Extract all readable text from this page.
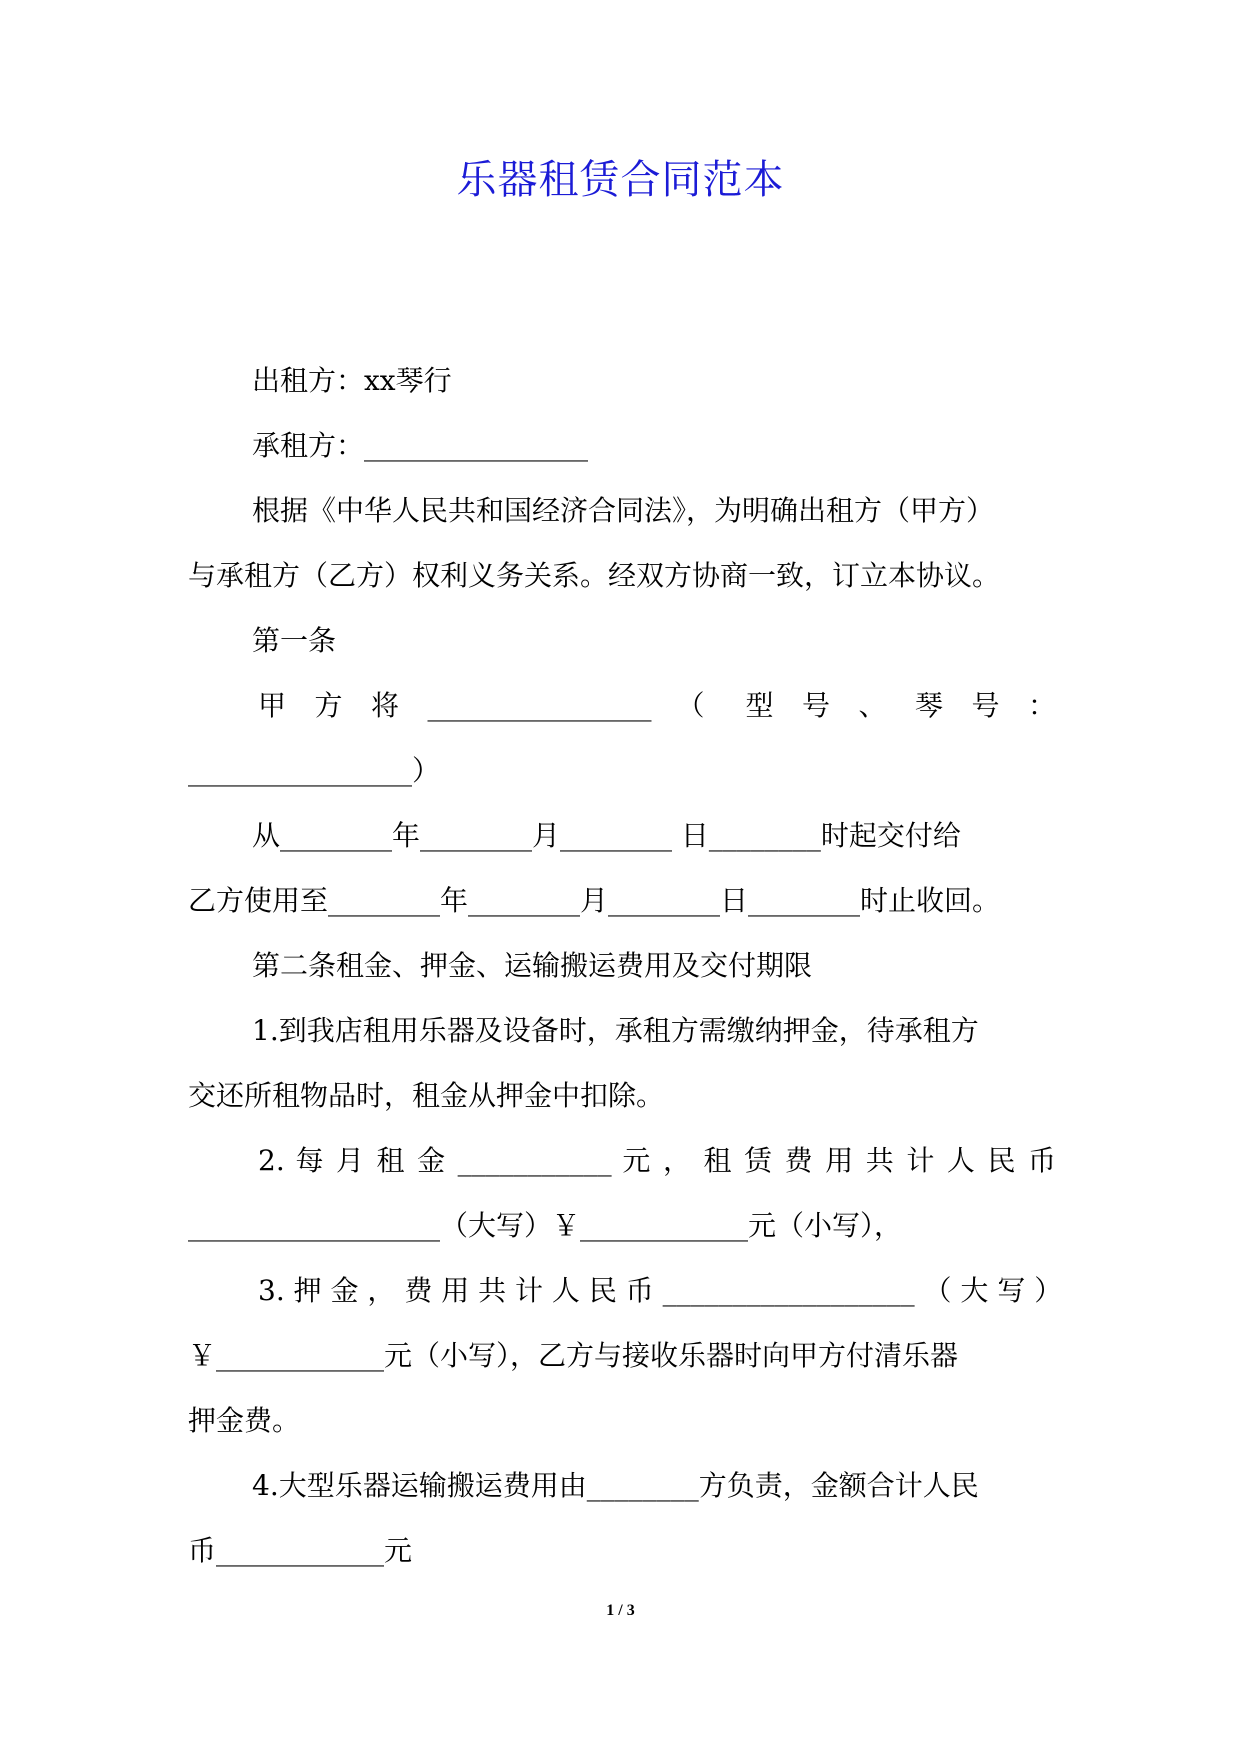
乐器租赁合同范本

出租方：xx琴行

承租方：________________

根据《中华人民共和国经济合同法》，为明确出租方（甲方）

与承租方（乙方）权利义务关系。经双方协商一致，订立本协议。

第一条

甲  方  将  ________________  （   型  号  、  琴  号  ：

________________）

从________年________月________ 日________时起交付给

乙方使用至________年________月________日________时止收回。

第二条租金、押金、运输搬运费用及交付期限

1.到我店租用乐器及设备时，承租方需缴纳押金，待承租方

交还所租物品时，租金从押金中扣除。

2. 每 月 租 金 ___________ 元 ， 租 赁 费 用 共 计 人 民 币

__________________（大写）￥____________元（小写），

3. 押 金 ， 费 用 共 计 人 民 币 __________________ （ 大 写 ）

￥____________元（小写），乙方与接收乐器时向甲方付清乐器

押金费。

4.大型乐器运输搬运费用由________方负责，金额合计人民

币____________元

1 / 3
